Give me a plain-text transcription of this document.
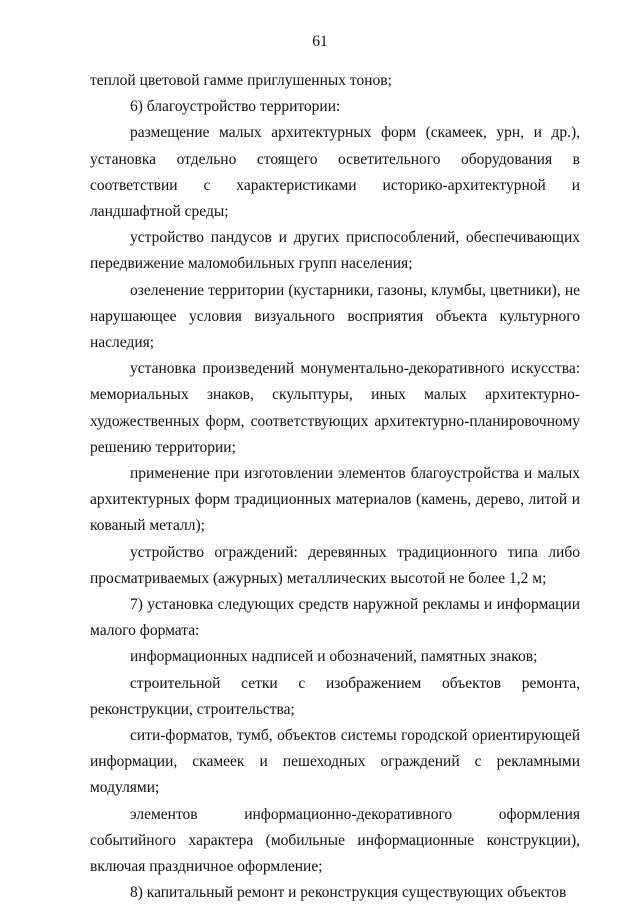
61

теплой цветовой гамме приглушенных тонов;

6) благоустройство территории:

размещение малых архитектурных форм (скамеек, урн, и др.), установка отдельно стоящего осветительного оборудования в соответствии с характеристиками историко-архитектурной и ландшафтной среды;

устройство пандусов и других приспособлений, обеспечивающих передвижение маломобильных групп населения;

озеленение территории (кустарники, газоны, клумбы, цветники), не нарушающее условия визуального восприятия объекта культурного наследия;

установка произведений монументально-декоративного искусства: мемориальных знаков, скульптуры, иных малых архитектурно-художественных форм, соответствующих архитектурно-планировочному решению территории;

применение при изготовлении элементов благоустройства и малых архитектурных форм традиционных материалов (камень, дерево, литой и кованый металл);

устройство ограждений: деревянных традиционного типа либо просматриваемых (ажурных) металлических высотой не более 1,2 м;

7) установка следующих средств наружной рекламы и информации малого формата:

информационных надписей и обозначений, памятных знаков;

строительной сетки с изображением объектов ремонта, реконструкции, строительства;

сити-форматов, тумб, объектов системы городской ориентирующей информации, скамеек и пешеходных ограждений с рекламными модулями;

элементов информационно-декоративного оформления событийного характера (мобильные информационные конструкции), включая праздничное оформление;

8) капитальный ремонт и реконструкция существующих объектов
